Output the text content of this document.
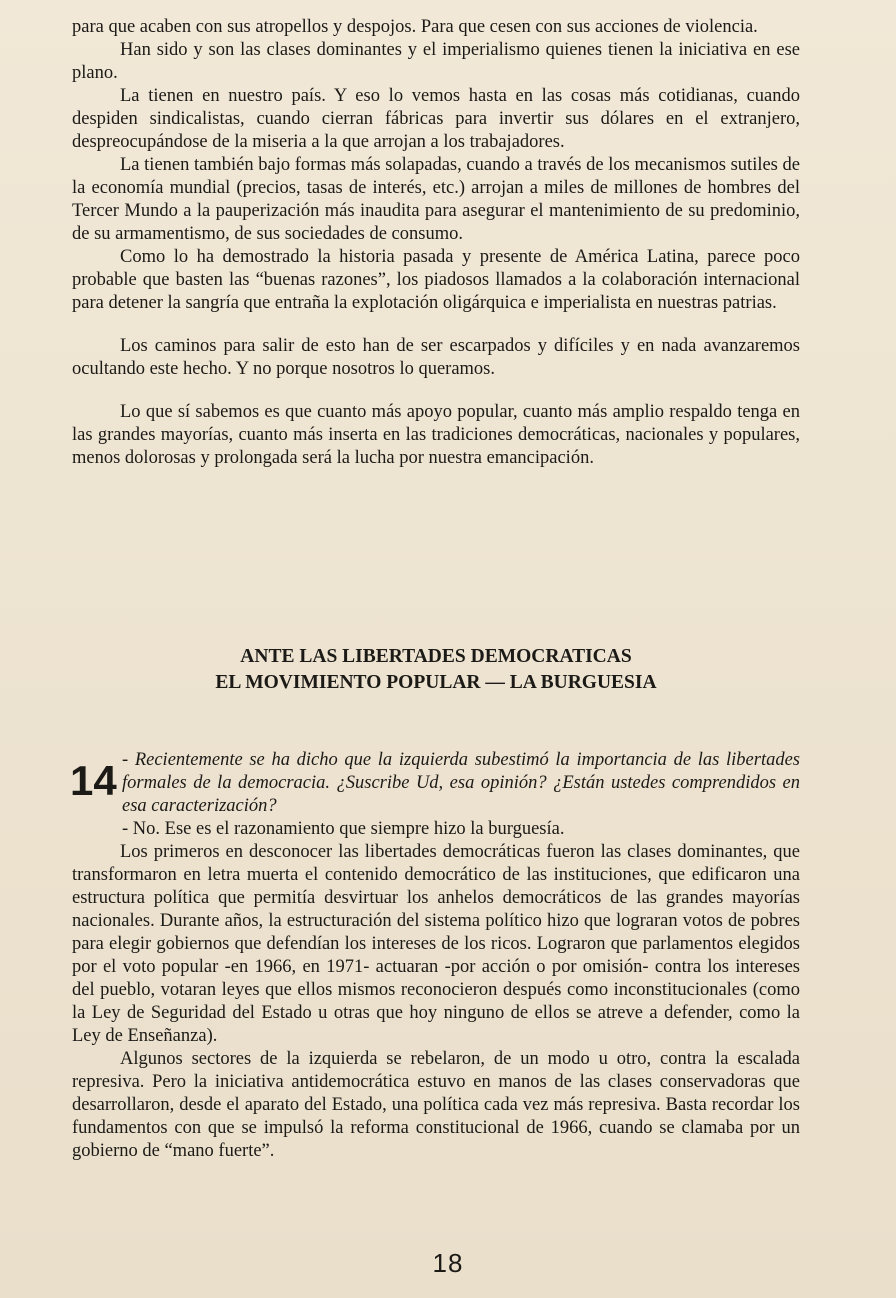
para que acaben con sus atropellos y despojos. Para que cesen con sus acciones de violencia.

Han sido y son las clases dominantes y el imperialismo quienes tienen la iniciativa en ese plano.

La tienen en nuestro país. Y eso lo vemos hasta en las cosas más cotidianas, cuando despiden sindicalistas, cuando cierran fábricas para invertir sus dólares en el extranjero, despreocupándose de la miseria a la que arrojan a los trabajadores.

La tienen también bajo formas más solapadas, cuando a través de los mecanismos sutiles de la economía mundial (precios, tasas de interés, etc.) arrojan a miles de millones de hombres del Tercer Mundo a la pauperización más inaudita para asegurar el mantenimiento de su predominio, de su armamentismo, de sus sociedades de consumo.

Como lo ha demostrado la historia pasada y presente de América Latina, parece poco probable que basten las “buenas razones”, los piadosos llamados a la colaboración internacional para detener la sangría que entraña la explotación oligárquica e imperialista en nuestras patrias.

Los caminos para salir de esto han de ser escarpados y difíciles y en nada avanzaremos ocultando este hecho. Y no porque nosotros lo queramos.

Lo que sí sabemos es que cuanto más apoyo popular, cuanto más amplio respaldo tenga en las grandes mayorías, cuanto más inserta en las tradiciones democráticas, nacionales y populares, menos dolorosas y prolongada será la lucha por nuestra emancipación.

ANTE LAS LIBERTADES DEMOCRATICAS
EL MOVIMIENTO POPULAR — LA BURGUESIA
14 - Recientemente se ha dicho que la izquierda subestimó la importancia de las libertades formales de la democracia. ¿Suscribe Ud, esa opinión? ¿Están ustedes comprendidos en esa caracterización?

- No. Ese es el razonamiento que siempre hizo la burguesía.

Los primeros en desconocer las libertades democráticas fueron las clases dominantes, que transformaron en letra muerta el contenido democrático de las instituciones, que edificaron una estructura política que permitía desvirtuar los anhelos democráticos de las grandes mayorías nacionales. Durante años, la estructuración del sistema político hizo que lograran votos de pobres para elegir gobiernos que defendían los intereses de los ricos. Lograron que parlamentos elegidos por el voto popular -en 1966, en 1971- actuaran -por acción o por omisión- contra los intereses del pueblo, votaran leyes que ellos mismos reconocieron después como inconstitucionales (como la Ley de Seguridad del Estado u otras que hoy ninguno de ellos se atreve a defender, como la Ley de Enseñanza).

Algunos sectores de la izquierda se rebelaron, de un modo u otro, contra la escalada represiva. Pero la iniciativa antidemocrática estuvo en manos de las clases conservadoras que desarrollaron, desde el aparato del Estado, una política cada vez más represiva. Basta recordar los fundamentos con que se impulsó la reforma constitucional de 1966, cuando se clamaba por un gobierno de “mano fuerte”.

18
